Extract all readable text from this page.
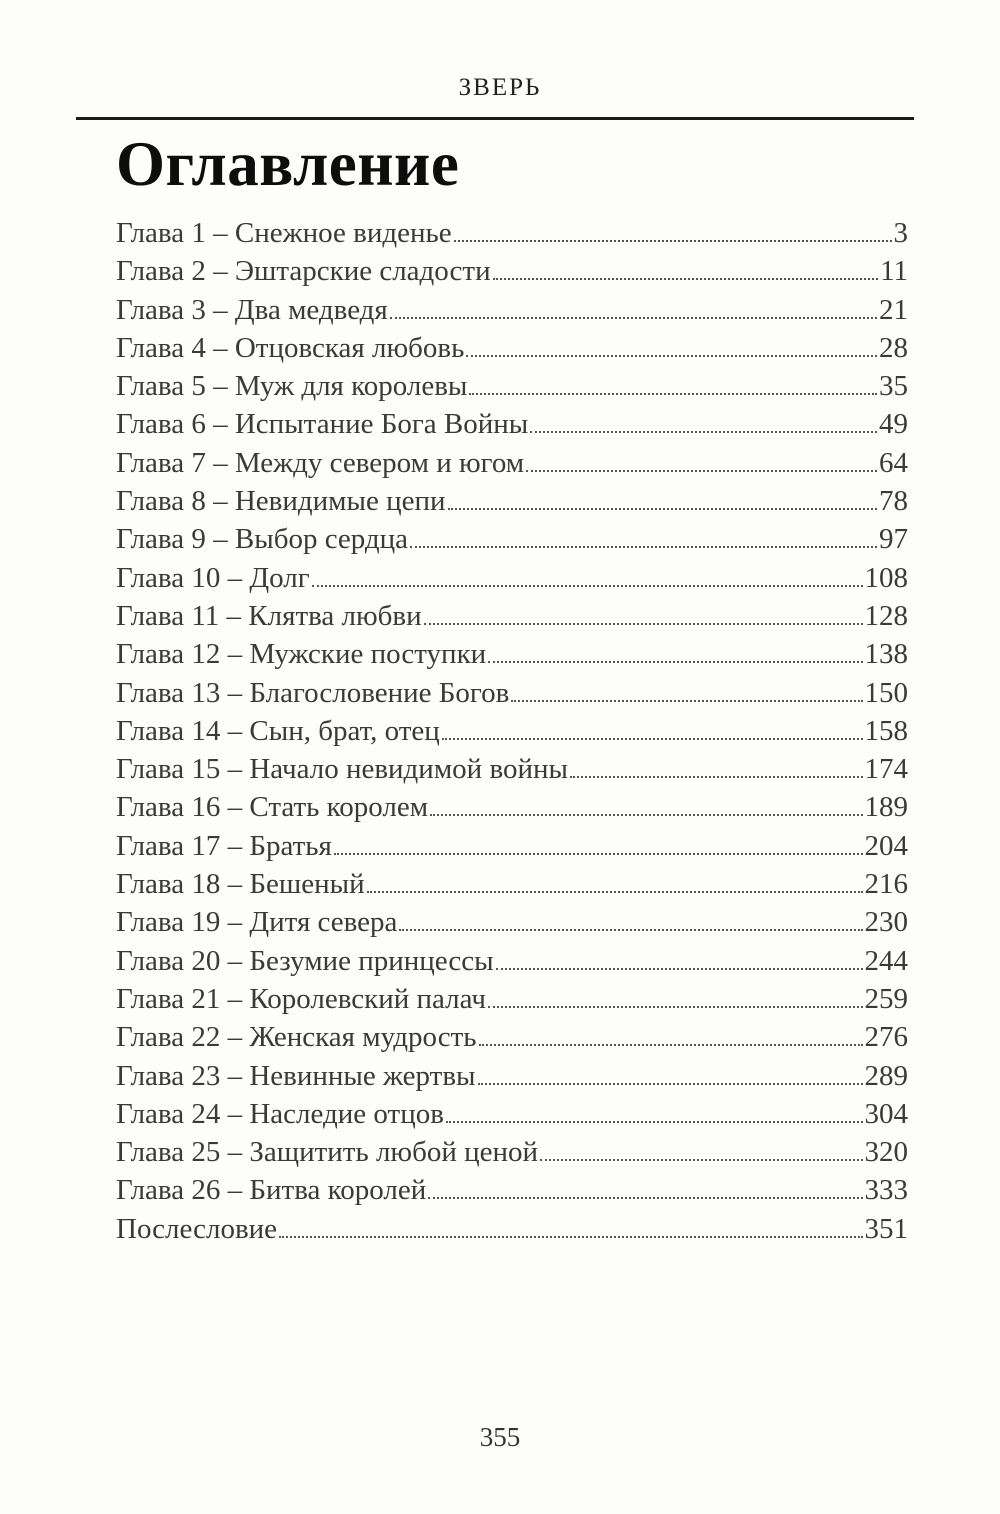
ЗВЕРЬ
Оглавление
Глава 1 – Снежное виденье	3
Глава 2 – Эштарские сладости	11
Глава 3 – Два медведя	21
Глава 4 – Отцовская любовь	28
Глава 5 – Муж для королевы	35
Глава 6 – Испытание Бога Войны	49
Глава 7 – Между севером и югом	64
Глава 8 – Невидимые цепи	78
Глава 9 – Выбор сердца	97
Глава 10 – Долг	108
Глава 11 – Клятва любви	128
Глава 12 – Мужские поступки	138
Глава 13 – Благословение Богов	150
Глава 14 – Сын, брат, отец	158
Глава 15 – Начало невидимой войны	174
Глава 16 – Стать королем	189
Глава 17 – Братья	204
Глава 18 – Бешеный	216
Глава 19 – Дитя севера	230
Глава 20 – Безумие принцессы	244
Глава 21 – Королевский палач	259
Глава 22 – Женская мудрость	276
Глава 23 – Невинные жертвы	289
Глава 24 – Наследие отцов	304
Глава 25 – Защитить любой ценой	320
Глава 26 – Битва королей	333
Послесловие	351
355
